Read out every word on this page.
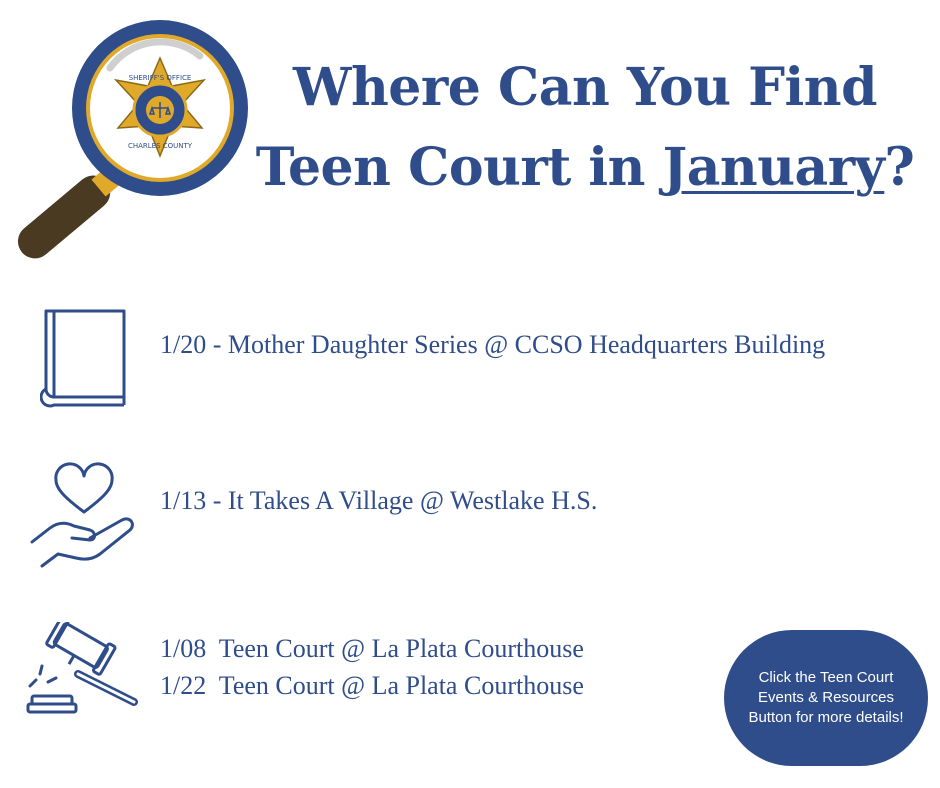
SHERIFF'S OFFICE
CHARLES COUNTY
Where Can You Find
Teen Court in January?
1/20 - Mother Daughter Series @ CCSO Headquarters Building
1/13 - It Takes A Village @ Westlake H.S.
1/08  Teen Court @ La Plata Courthouse
1/22  Teen Court @ La Plata Courthouse	Click the Teen Court Events & Resources Button for more details!
